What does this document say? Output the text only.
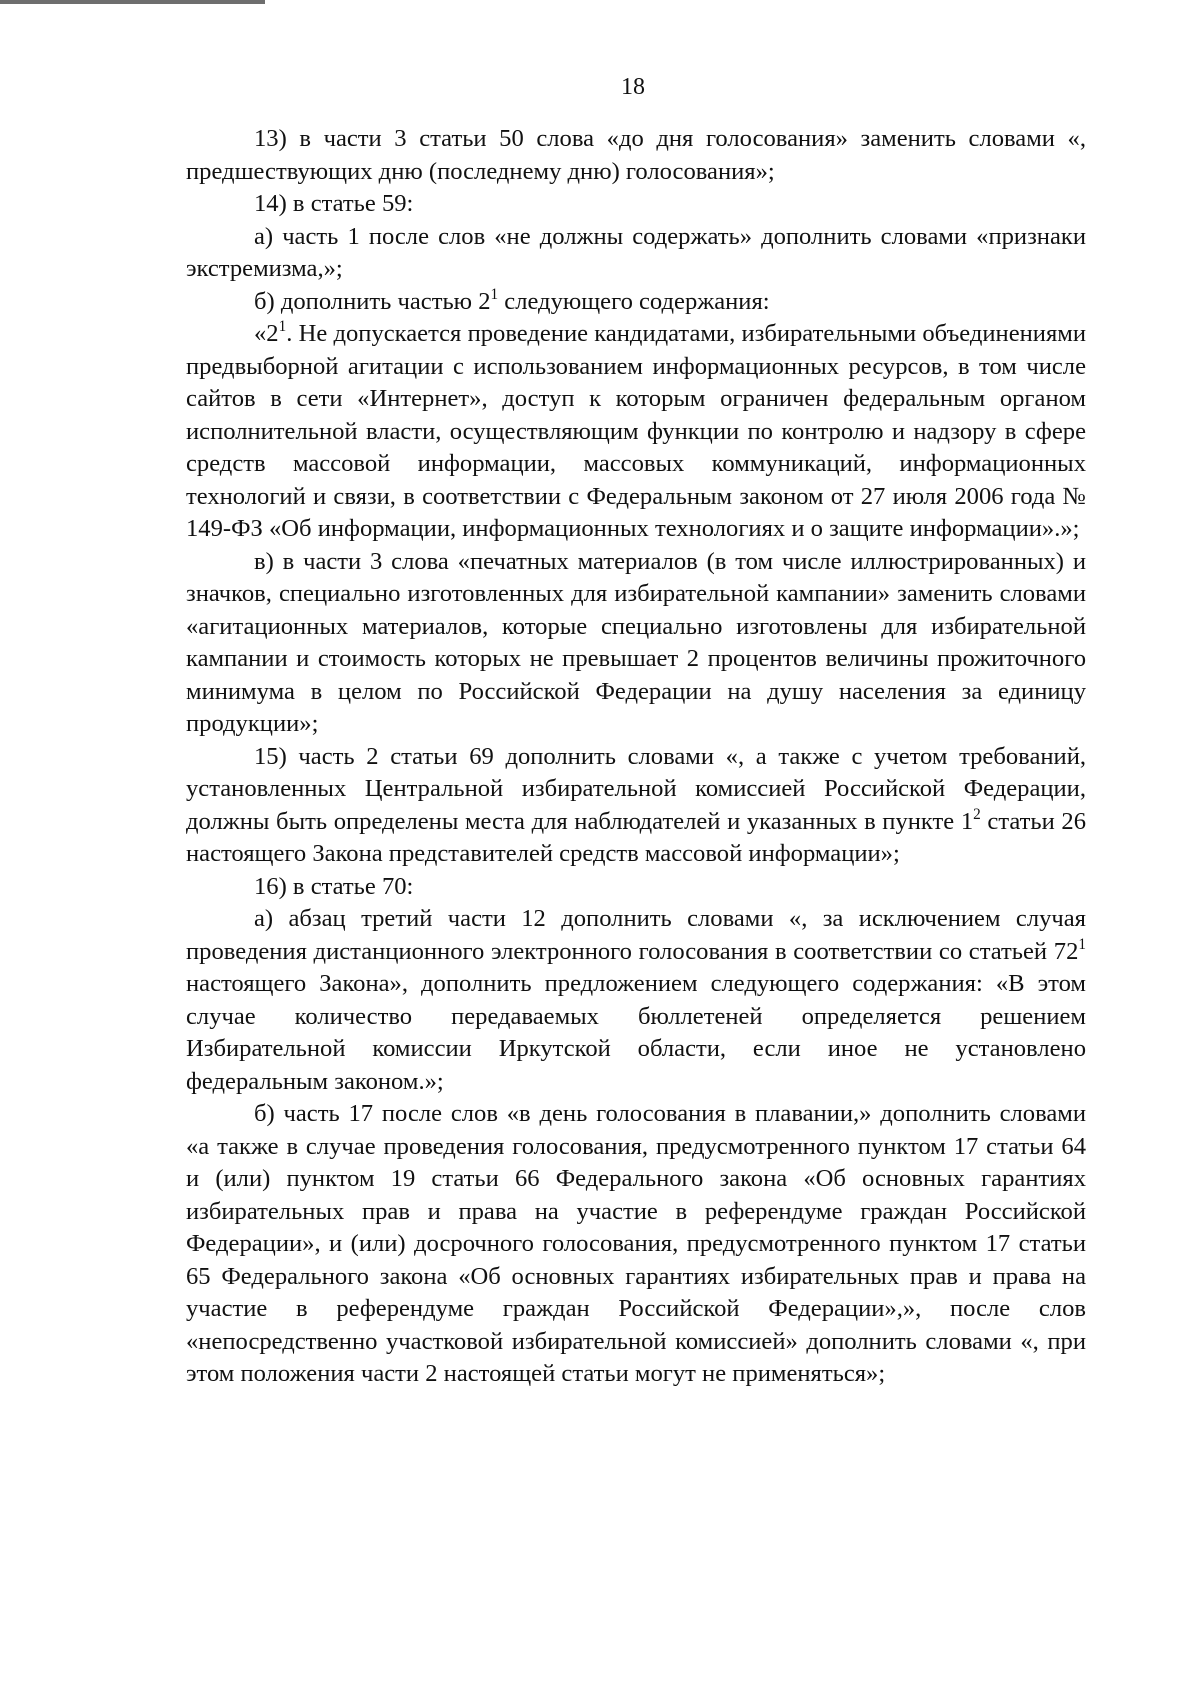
18

13) в части 3 статьи 50 слова «до дня голосования» заменить словами «, предшествующих дню (последнему дню) голосования»;

14) в статье 59:

а) часть 1 после слов «не должны содержать» дополнить словами «признаки экстремизма,»;

б) дополнить частью $2^1$ следующего содержания:

«$2^1$. Не допускается проведение кандидатами, избирательными объединениями предвыборной агитации с использованием информационных ресурсов, в том числе сайтов в сети «Интернет», доступ к которым ограничен федеральным органом исполнительной власти, осуществляющим функции по контролю и надзору в сфере средств массовой информации, массовых коммуникаций, информационных технологий и связи, в соответствии с Федеральным законом от 27 июля 2006 года № 149-ФЗ «Об информации, информационных технологиях и о защите информации».»;

в) в части 3 слова «печатных материалов (в том числе иллюстрированных) и значков, специально изготовленных для избирательной кампании» заменить словами «агитационных материалов, которые специально изготовлены для избирательной кампании и стоимость которых не превышает 2 процентов величины прожиточного минимума в целом по Российской Федерации на душу населения за единицу продукции»;

15) часть 2 статьи 69 дополнить словами «, а также с учетом требований, установленных Центральной избирательной комиссией Российской Федерации, должны быть определены места для наблюдателей и указанных в пункте $1^2$ статьи 26 настоящего Закона представителей средств массовой информации»;

16) в статье 70:

а) абзац третий части 12 дополнить словами «, за исключением случая проведения дистанционного электронного голосования в соответствии со статьей $72^1$ настоящего Закона», дополнить предложением следующего содержания: «В этом случае количество передаваемых бюллетеней определяется решением Избирательной комиссии Иркутской области, если иное не установлено федеральным законом.»;

б) часть 17 после слов «в день голосования в плавании,» дополнить словами «а также в случае проведения голосования, предусмотренного пунктом 17 статьи 64 и (или) пунктом 19 статьи 66 Федерального закона «Об основных гарантиях избирательных прав и права на участие в референдуме граждан Российской Федерации», и (или) досрочного голосования, предусмотренного пунктом 17 статьи 65 Федерального закона «Об основных гарантиях избирательных прав и права на участие в референдуме граждан Российской Федерации»,», после слов «непосредственно участковой избирательной комиссией» дополнить словами «, при этом положения части 2 настоящей статьи могут не применяться»;
